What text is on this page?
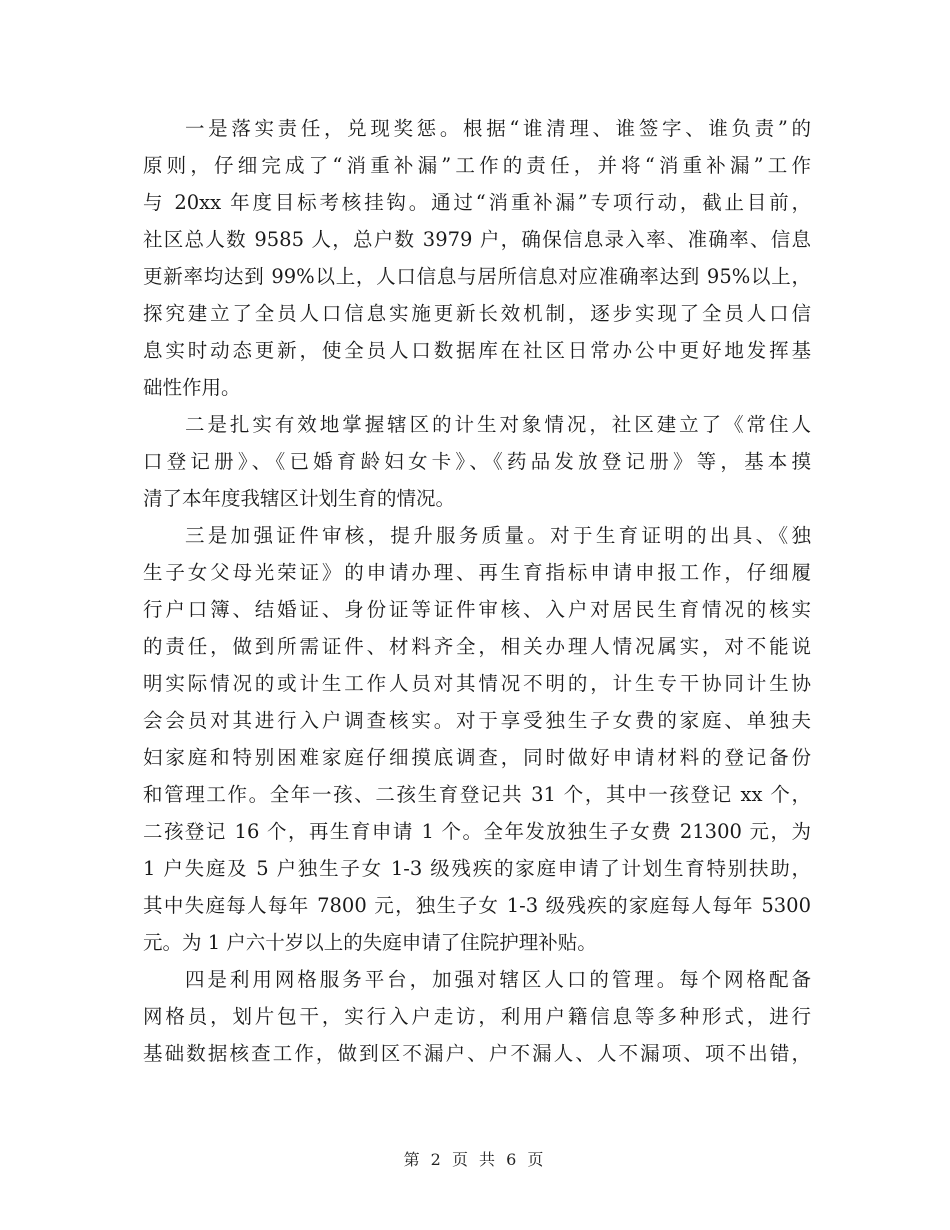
一是落实责任，兑现奖惩。根据“谁清理、谁签字、谁负责”的
原则，仔细完成了“消重补漏”工作的责任，并将“消重补漏”工作
与 20xx 年度目标考核挂钩。通过“消重补漏”专项行动，截止目前，
社区总人数 9585 人，总户数 3979 户，确保信息录入率、准确率、信息
更新率均达到 99%以上，人口信息与居所信息对应准确率达到 95%以上，
探究建立了全员人口信息实施更新长效机制，逐步实现了全员人口信
息实时动态更新，使全员人口数据库在社区日常办公中更好地发挥基
础性作用。
二是扎实有效地掌握辖区的计生对象情况，社区建立了《常住人
口登记册》、《已婚育龄妇女卡》、《药品发放登记册》等，基本摸
清了本年度我辖区计划生育的情况。
三是加强证件审核，提升服务质量。对于生育证明的出具、《独
生子女父母光荣证》的申请办理、再生育指标申请申报工作，仔细履
行户口簿、结婚证、身份证等证件审核、入户对居民生育情况的核实
的责任，做到所需证件、材料齐全，相关办理人情况属实，对不能说
明实际情况的或计生工作人员对其情况不明的，计生专干协同计生协
会会员对其进行入户调查核实。对于享受独生子女费的家庭、单独夫
妇家庭和特别困难家庭仔细摸底调查，同时做好申请材料的登记备份
和管理工作。全年一孩、二孩生育登记共 31 个，其中一孩登记 xx 个，
二孩登记 16 个，再生育申请 1 个。全年发放独生子女费 21300 元，为
1 户失庭及 5 户独生子女 1-3 级残疾的家庭申请了计划生育特别扶助，
其中失庭每人每年 7800 元，独生子女 1-3 级残疾的家庭每人每年 5300
元。为 1 户六十岁以上的失庭申请了住院护理补贴。
四是利用网格服务平台，加强对辖区人口的管理。每个网格配备
网格员，划片包干，实行入户走访，利用户籍信息等多种形式，进行
基础数据核查工作，做到区不漏户、户不漏人、人不漏项、项不出错，
第 2 页 共 6 页
